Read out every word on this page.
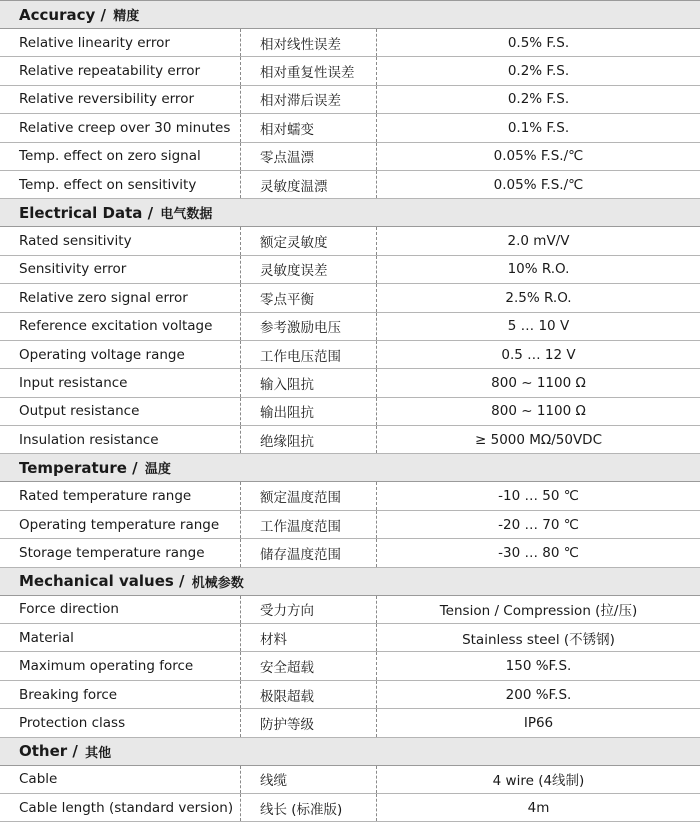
Accuracy / 精度
Relative linearity error	相对线性误差	0.5% F.S.
Relative repeatability error	相对重复性误差	0.2% F.S.
Relative reversibility error	相对滞后误差	0.2% F.S.
Relative creep over 30 minutes	相对蠕变	0.1% F.S.
Temp. effect on zero signal	零点温漂	0.05% F.S./℃
Temp. effect on sensitivity	灵敏度温漂	0.05% F.S./℃
Electrical Data / 电气数据
Rated sensitivity	额定灵敏度	2.0 mV/V
Sensitivity error	灵敏度误差	10% R.O.
Relative zero signal error	零点平衡	2.5% R.O.
Reference excitation voltage	参考激励电压	5 … 10 V
Operating voltage range	工作电压范围	0.5 … 12 V
Input resistance	输入阻抗	800 ~ 1100 Ω
Output resistance	输出阻抗	800 ~ 1100 Ω
Insulation resistance	绝缘阻抗	≥ 5000 MΩ/50VDC
Temperature / 温度
Rated temperature range	额定温度范围	-10 … 50 ℃
Operating temperature range	工作温度范围	-20 … 70 ℃
Storage temperature range	储存温度范围	-30 … 80 ℃
Mechanical values / 机械参数
Force direction	受力方向	Tension / Compression (拉/压)
Material	材料	Stainless steel (不锈钢)
Maximum operating force	安全超载	150 %F.S.
Breaking force	极限超载	200 %F.S.
Protection class	防护等级	IP66
Other / 其他
Cable	线缆	4 wire (4线制)
Cable length (standard version)	线长 (标准版)	4m
